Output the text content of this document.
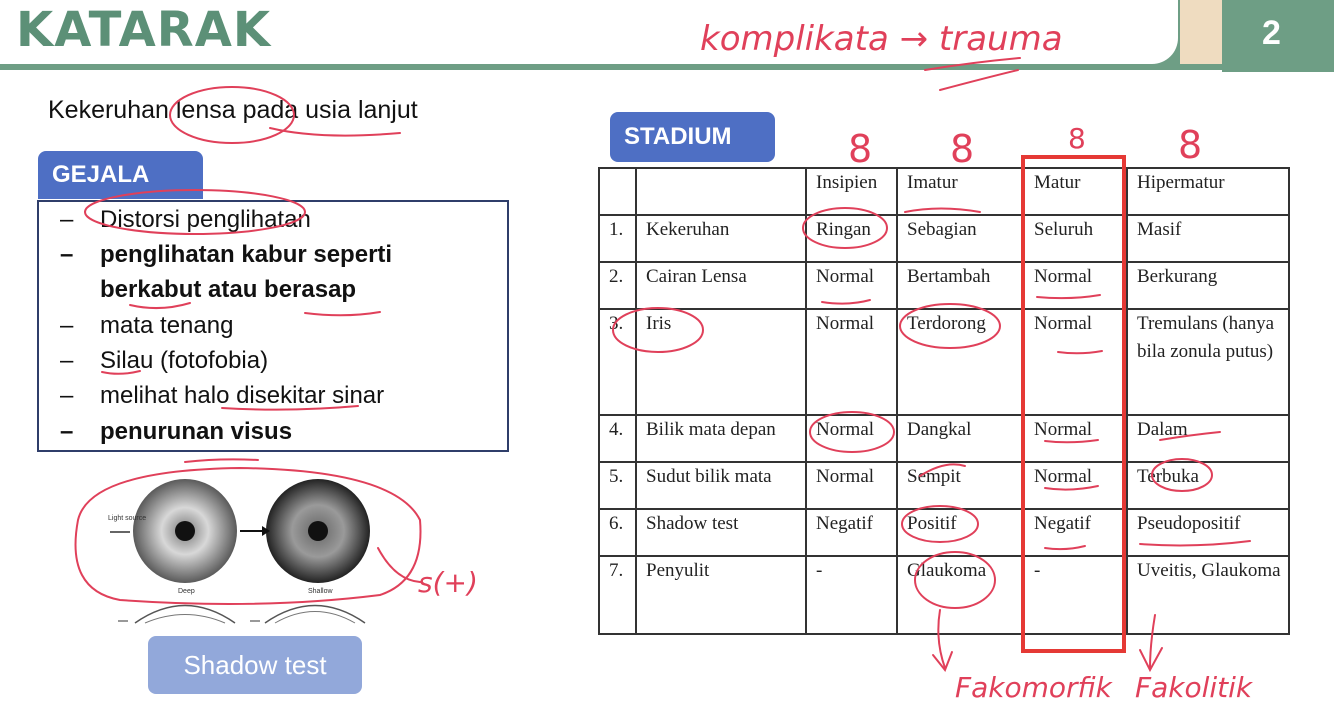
KATARAK	2
Kekeruhan lensa pada usia lanjut
GEJALA
– Distorsi penglihatan
– penglihatan kabur seperti
berkabut atau berasap
– mata tenang
– Silau (fotofobia)
– melihat halo disekitar sinar
– penurunan visus
Light source
Deep	Shallow
Shadow test
STADIUM
		Insipien	Imatur	Matur	Hipermatur
1.	Kekeruhan	Ringan	Sebagian	Seluruh	Masif
2.	Cairan Lensa	Normal	Bertambah	Normal	Berkurang
3.	Iris	Normal	Terdorong	Normal	Tremulans (hanya bila zonula putus)
4.	Bilik mata depan	Normal	Dangkal	Normal	Dalam
5.	Sudut bilik mata	Normal	Sempit	Normal	Terbuka
6.	Shadow test	Negatif	Positif	Negatif	Pseudopositif
7.	Penyulit	-	Glaukoma	-	Uveitis, Glaukoma
komplikata → trauma
8 8	8 8
s(+)
Fakomorfik Fakolitik
